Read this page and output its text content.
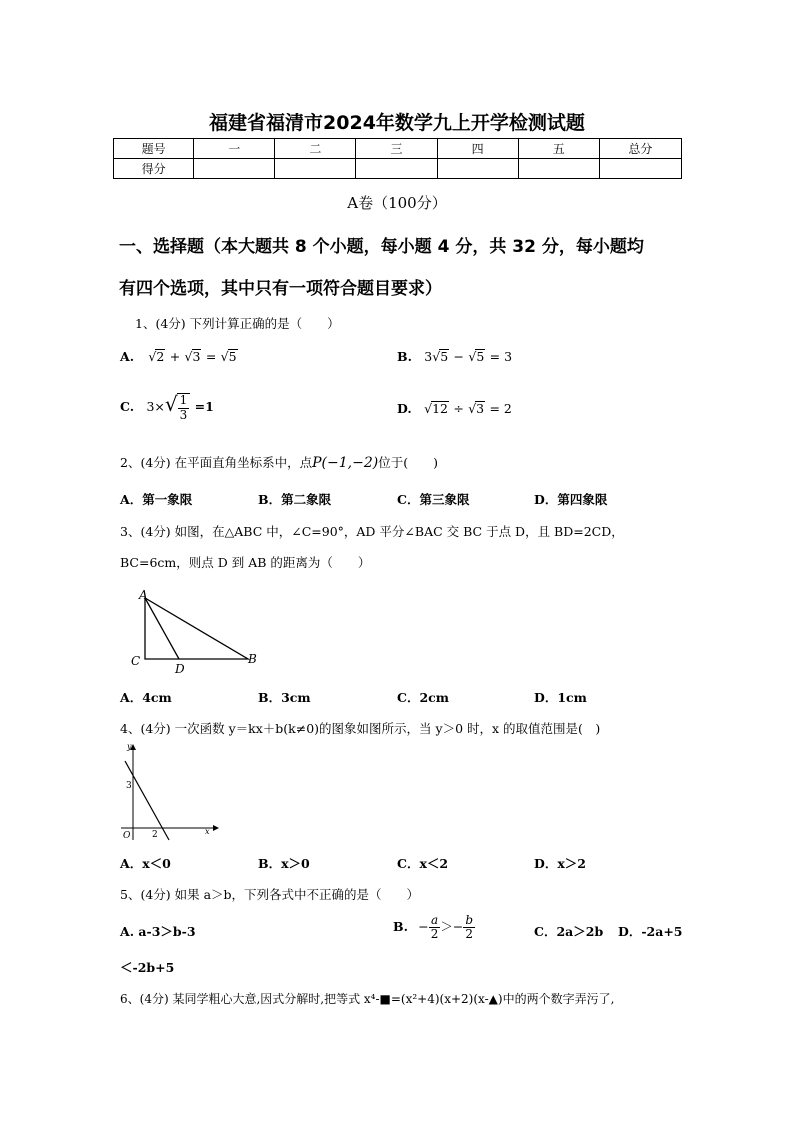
福建省福清市2024年数学九上开学检测试题
题号	一	二	三	四	五	总分
得分						
A卷（100分）
一、选择题（本大题共 8 个小题，每小题 4 分，共 32 分，每小题均
有四个选项，其中只有一项符合题目要求）
1、(4分) 下列计算正确的是（　　）
A. √2 + √3 = √5	B. 3√5 − √5 = 3
C. $3\times√ \frac{1}{3} =1$	D. √12 ÷ √3 = 2
2、(4分) 在平面直角坐标系中，点P(−1,−2)位于(　　)
A．第一象限	B．第二象限	C．第三象限	D．第四象限
3、(4分) 如图，在△ABC 中，∠C=90°，AD 平分∠BAC 交 BC 于点 D，且 BD=2CD，
BC=6cm，则点 D 到 AB 的距离为（　　）
A
C
D
B
A．4cm	B．3cm	C．2cm	D．1cm
4、(4分) 一次函数 y＝kx＋b(k≠0)的图象如图所示，当 y＞0 时，x 的取值范围是(　)
y
x
O
3
2
A．x＜0	B．x＞0	C．x＜2	D．x＞2
5、(4分) 如果 a＞b，下列各式中不正确的是（　　）
A. a-3＞b-3	B. − $\frac{a}{2} >- \frac{b}{2}$	C．2a＞2b D．-2a+5
＜-2b+5
6、(4分) 某同学粗心大意,因式分解时,把等式 x⁴-■=(x²+4)(x+2)(x-▲)中的两个数字弄污了,
